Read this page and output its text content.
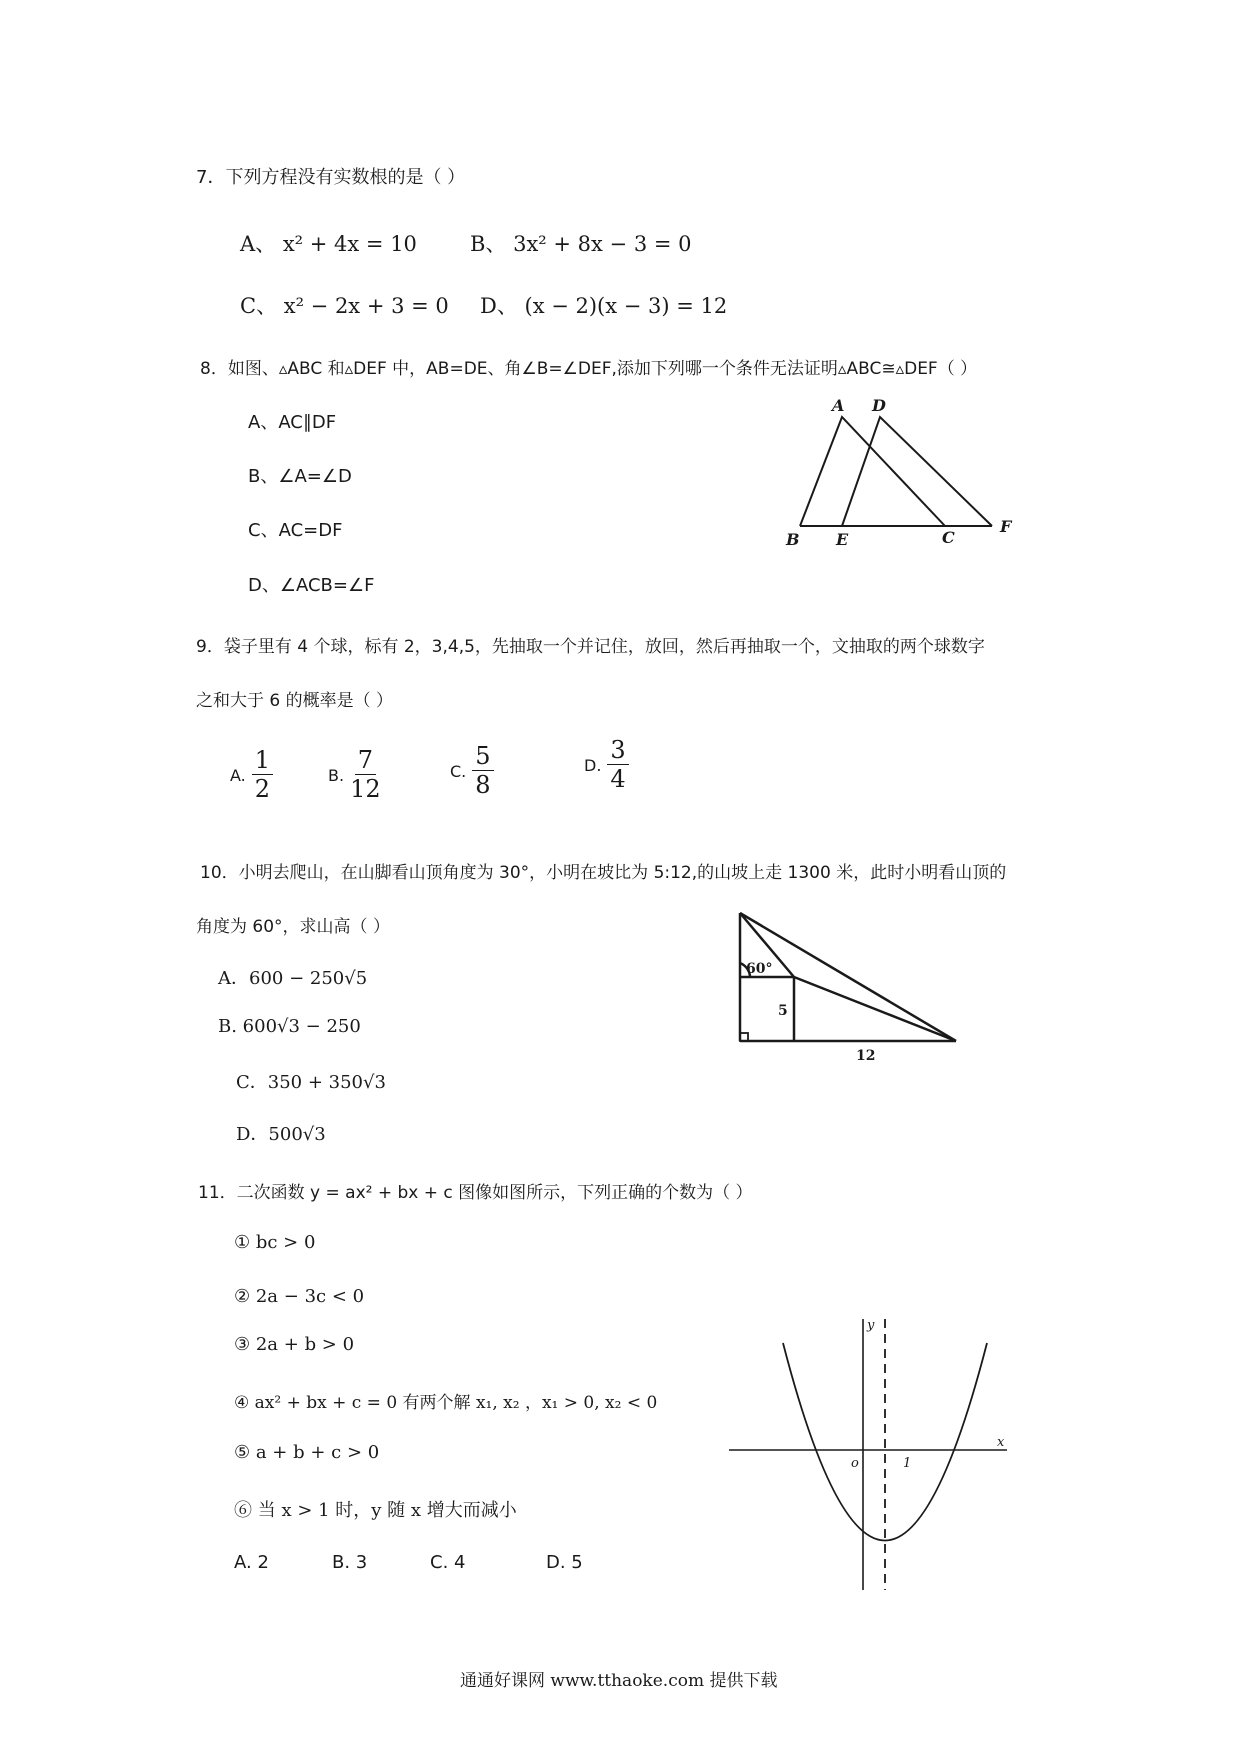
7．下列方程没有实数根的是（ ）
A、 x² + 4x = 10	B、 3x² + 8x − 3 = 0
C、 x² − 2x + 3 = 0 D、 (x − 2)(x − 3) = 12
8．如图、▵ABC 和▵DEF 中，AB=DE、角∠B=∠DEF,添加下列哪一个条件无法证明▵ABC≅▵DEF（ ）
A、AC∥DF
B、∠A=∠D
C、AC=DF
D、∠ACB=∠F
A D
B E	C
F
9．袋子里有 4 个球，标有 2，3,4,5，先抽取一个并记住，放回，然后再抽取一个，文抽取的两个球数字
之和大于 6 的概率是（ ）
A. $\frac{1}{2}$	B. $\frac{7}{12}$	C. $\frac{5}{8}$	D. $\frac{3}{4}$
10．小明去爬山，在山脚看山顶角度为 30°，小明在坡比为 5:12,的山坡上走 1300 米，此时小明看山顶的
角度为 60°，求山高（ ）
A．600 − 250√5
B. 600√3 − 250
C．350 + 350√3
D．500√3
60°
5
12
11．二次函数 y = ax² + bx + c 图像如图所示，下列正确的个数为（ ）
① bc > 0
② 2a − 3c < 0
③ 2a + b > 0
④ ax² + bx + c = 0 有两个解 x₁, x₂ ，x₁ > 0, x₂ < 0
⑤ a + b + c > 0
⑥ 当 x > 1 时，y 随 x 增大而减小
A. 2	B. 3	C. 4	D. 5
y
x
o	1
通通好课网 www.tthaoke.com 提供下载
